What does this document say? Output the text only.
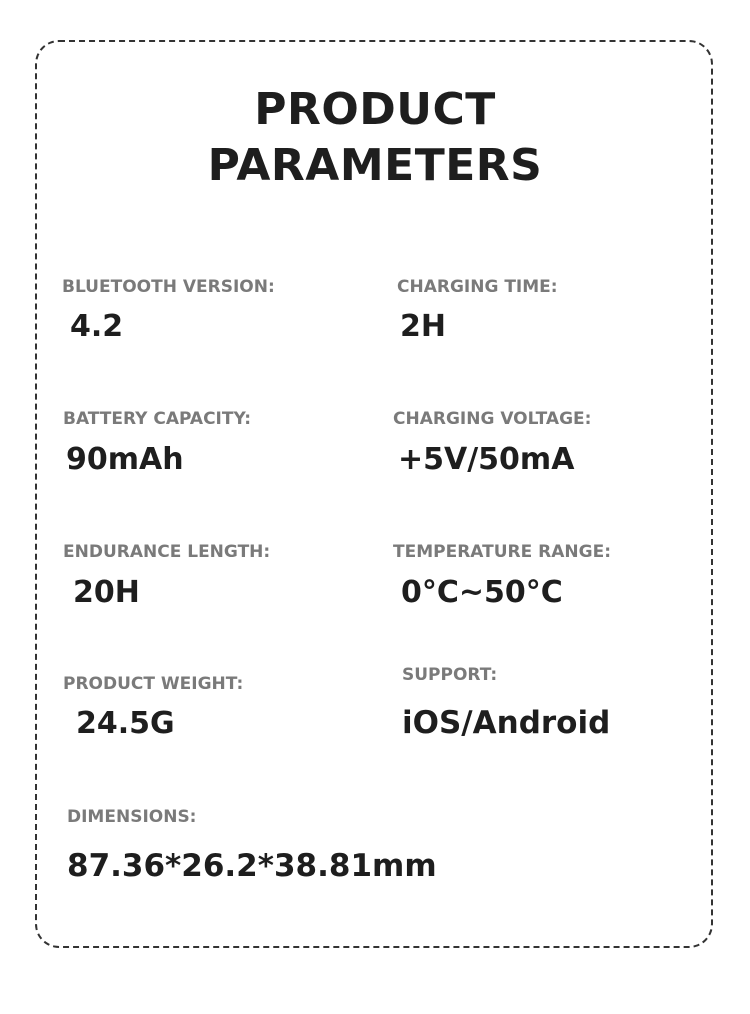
PRODUCT
PARAMETERS
BLUETOOTH VERSION:
4.2
CHARGING TIME:
2H
BATTERY CAPACITY:
90mAh
CHARGING VOLTAGE:
+5V/50mA
ENDURANCE LENGTH:
20H
TEMPERATURE RANGE:
0°C~50°C
PRODUCT WEIGHT:
24.5G
SUPPORT:
iOS/Android
DIMENSIONS:
87.36*26.2*38.81mm
